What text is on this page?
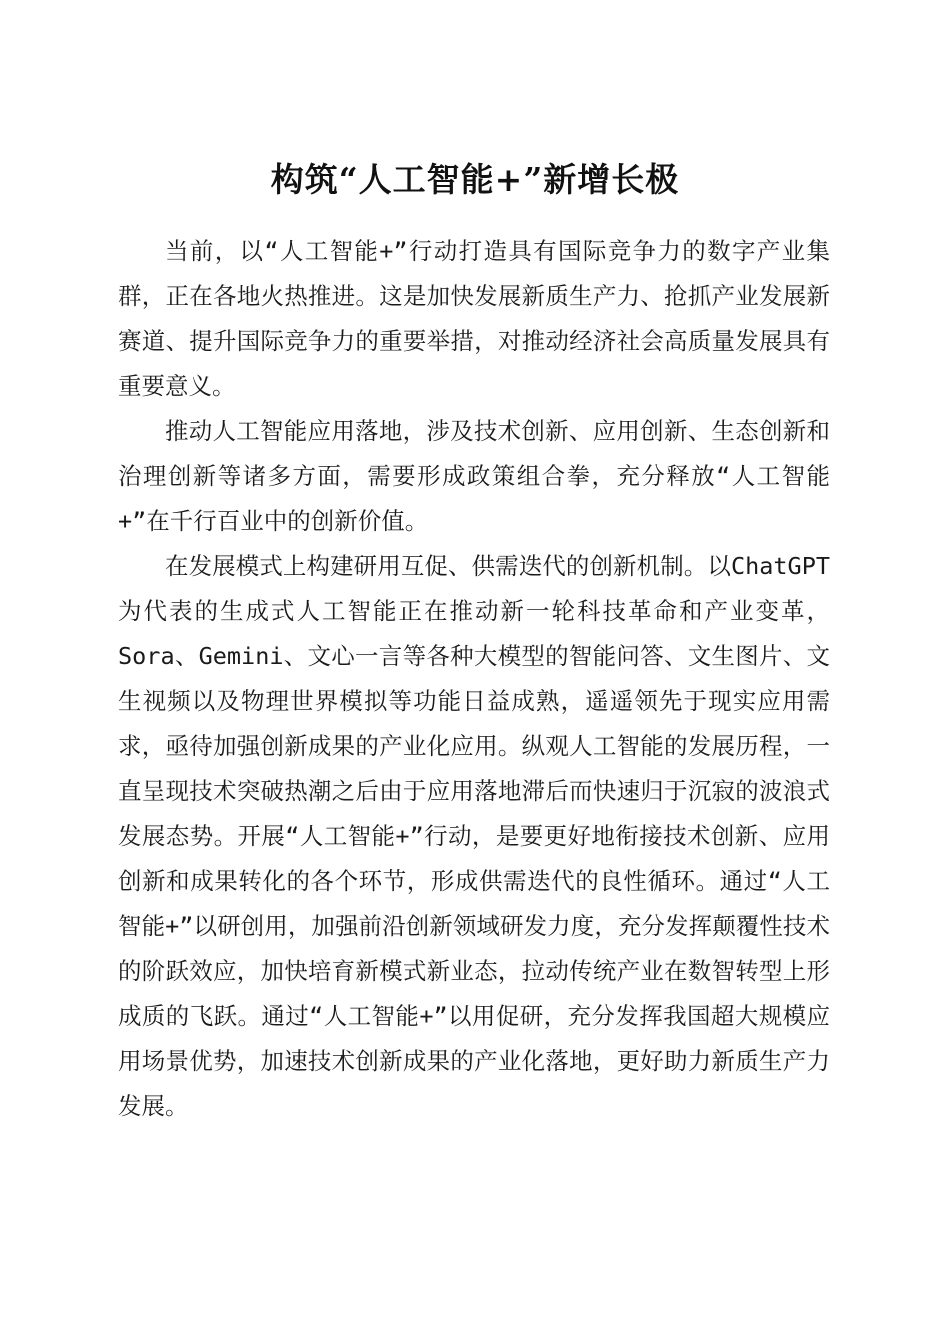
构筑“人工智能+”新增长极

当前，以“人工智能+”行动打造具有国际竞争力的数字产业集群，正在各地火热推进。这是加快发展新质生产力、抢抓产业发展新赛道、提升国际竞争力的重要举措，对推动经济社会高质量发展具有重要意义。

推动人工智能应用落地，涉及技术创新、应用创新、生态创新和治理创新等诸多方面，需要形成政策组合拳，充分释放“人工智能+”在千行百业中的创新价值。

在发展模式上构建研用互促、供需迭代的创新机制。以ChatGPT为代表的生成式人工智能正在推动新一轮科技革命和产业变革，Sora、Gemini、文心一言等各种大模型的智能问答、文生图片、文生视频以及物理世界模拟等功能日益成熟，遥遥领先于现实应用需求，亟待加强创新成果的产业化应用。纵观人工智能的发展历程，一直呈现技术突破热潮之后由于应用落地滞后而快速归于沉寂的波浪式发展态势。开展“人工智能+”行动，是要更好地衔接技术创新、应用创新和成果转化的各个环节，形成供需迭代的良性循环。通过“人工智能+”以研创用，加强前沿创新领域研发力度，充分发挥颠覆性技术的阶跃效应，加快培育新模式新业态，拉动传统产业在数智转型上形成质的飞跃。通过“人工智能+”以用促研，充分发挥我国超大规模应用场景优势，加速技术创新成果的产业化落地，更好助力新质生产力发展。
